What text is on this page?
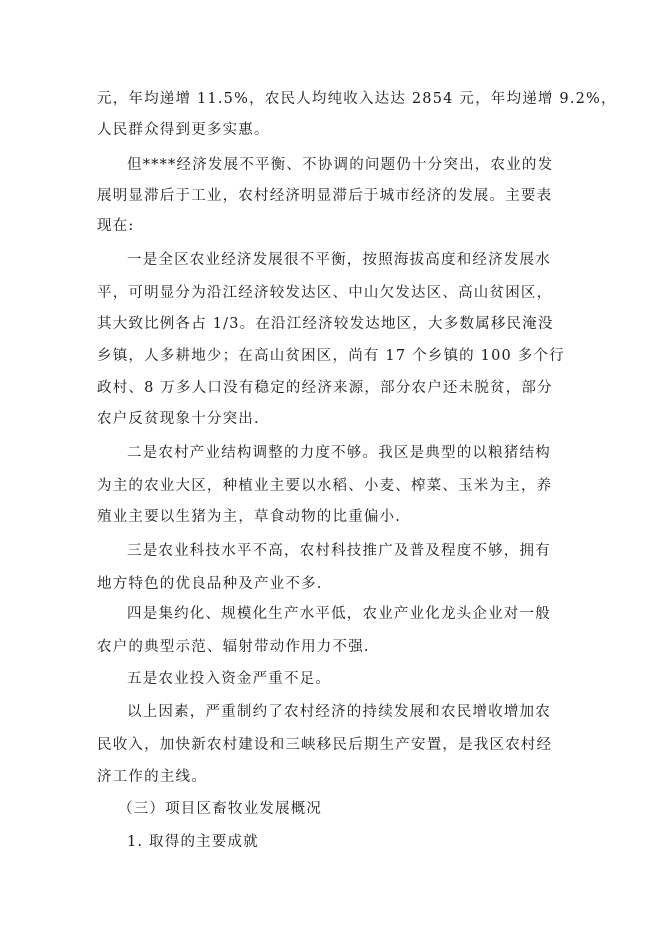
元，年均递增 11.5%，农民人均纯收入达达 2854 元，年均递增 9.2%，
人民群众得到更多实惠。
但****经济发展不平衡、不协调的问题仍十分突出，农业的发
展明显滞后于工业，农村经济明显滞后于城市经济的发展。主要表
现在:
一是全区农业经济发展很不平衡，按照海拔高度和经济发展水
平，可明显分为沿江经济较发达区、中山欠发达区、高山贫困区，
其大致比例各占 1/3。在沿江经济较发达地区，大多数属移民淹没
乡镇，人多耕地少；在高山贫困区，尚有 17 个乡镇的 100 多个行
政村、8 万多人口没有稳定的经济来源，部分农户还未脱贫，部分
农户反贫现象十分突出.
二是农村产业结构调整的力度不够。我区是典型的以粮猪结构
为主的农业大区，种植业主要以水稻、小麦、榨菜、玉米为主，养
殖业主要以生猪为主，草食动物的比重偏小.
三是农业科技水平不高，农村科技推广及普及程度不够，拥有
地方特色的优良品种及产业不多.
四是集约化、规模化生产水平低，农业产业化龙头企业对一般
农户的典型示范、辐射带动作用力不强.
五是农业投入资金严重不足。
以上因素，严重制约了农村经济的持续发展和农民增收增加农
民收入，加快新农村建设和三峡移民后期生产安置，是我区农村经
济工作的主线。
（三）项目区畜牧业发展概况
1. 取得的主要成就
